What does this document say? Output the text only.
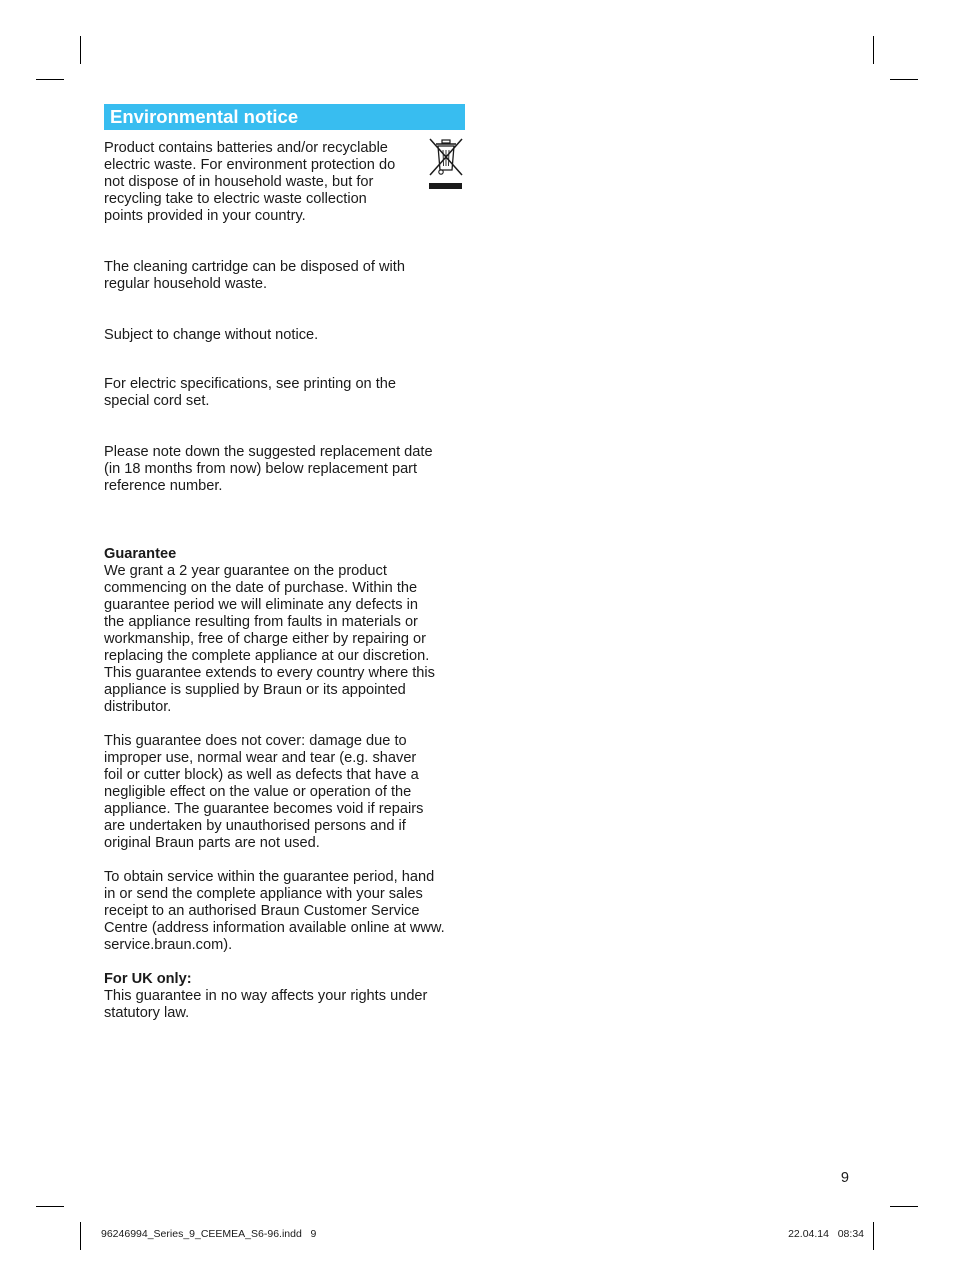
Environmental notice

Product contains batteries and/or recyclable
electric waste. For environment protection do
not dispose of in household waste, but for
recycling take to electric waste collection
points provided in your country.

The cleaning cartridge can be disposed of with
regular household waste.

Subject to change without notice.

For electric specifications, see printing on the
special cord set.

Please note down the suggested replacement date
(in 18 months from now) below replacement part
reference number.

Guarantee

We grant a 2 year guarantee on the product
commencing on the date of purchase. Within the
guarantee period we will eliminate any defects in
the appliance resulting from faults in materials or
workmanship, free of charge either by repairing or
replacing the complete appliance at our discretion.
This guarantee extends to every country where this
appliance is supplied by Braun or its appointed
distributor.

This guarantee does not cover: damage due to
improper use, normal wear and tear (e.g. shaver
foil or cutter block) as well as defects that have a
negligible effect on the value or operation of the
appliance. The guarantee becomes void if repairs
are undertaken by unauthorised persons and if
original Braun parts are not used.

To obtain service within the guarantee period, hand
in or send the complete appliance with your sales
receipt to an authorised Braun Customer Service
Centre (address information available online at www.
service.braun.com).

For UK only:

This guarantee in no way affects your rights under
statutory law.

9
96246994_Series_9_CEEMEA_S6-96.indd   9	22.04.14   08:34
